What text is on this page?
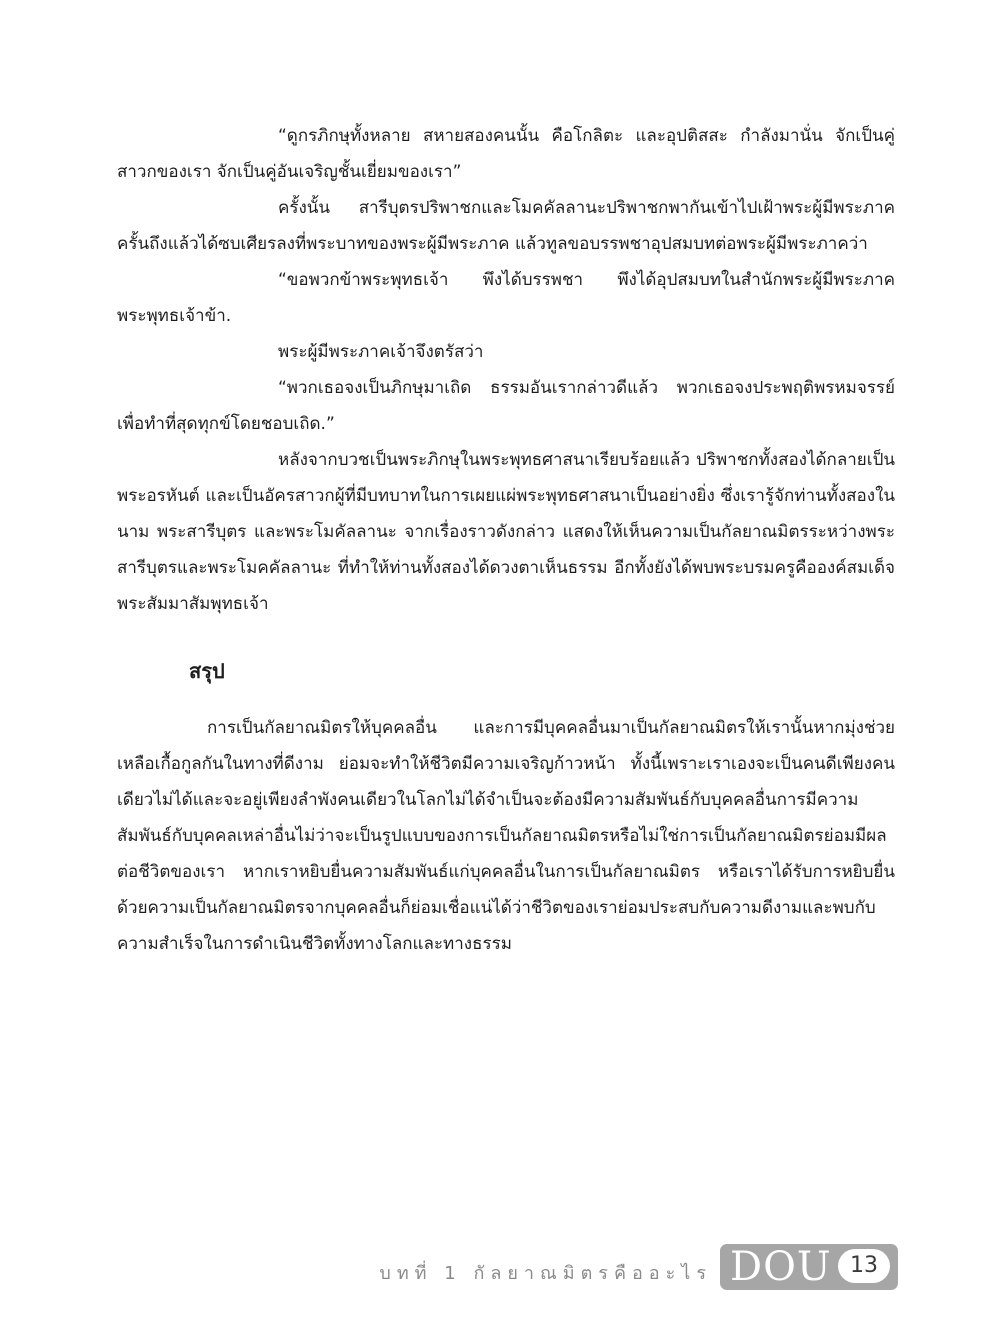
“ดูกรภิกษุทั้งหลาย สหายสองคนนั้น คือโกลิตะ และอุปติสสะ กำลังมานั่น จักเป็นคู่สาวกของเรา จักเป็นคู่อันเจริญชั้นเยี่ยมของเรา”

ครั้งนั้น สารีบุตรปริพาชกและโมคคัลลานะปริพาชกพากันเข้าไปเฝ้าพระผู้มีพระภาคครั้นถึงแล้วได้ซบเศียรลงที่พระบาทของพระผู้มีพระภาค แล้วทูลขอบรรพชาอุปสมบทต่อพระผู้มีพระภาคว่า

“ขอพวกข้าพระพุทธเจ้า พึงได้บรรพชา พึงได้อุปสมบทในสำนักพระผู้มีพระภาคพระพุทธเจ้าข้า.

พระผู้มีพระภาคเจ้าจึงตรัสว่า

“พวกเธอจงเป็นภิกษุมาเถิด ธรรมอันเรากล่าวดีแล้ว พวกเธอจงประพฤติพรหมจรรย์เพื่อทำที่สุดทุกข์โดยชอบเถิด.”

หลังจากบวชเป็นพระภิกษุในพระพุทธศาสนาเรียบร้อยแล้ว ปริพาชกทั้งสองได้กลายเป็นพระอรหันต์ และเป็นอัครสาวกผู้ที่มีบทบาทในการเผยแผ่พระพุทธศาสนาเป็นอย่างยิ่ง ซึ่งเรารู้จักท่านทั้งสองในนาม พระสารีบุตร และพระโมคัลลานะ จากเรื่องราวดังกล่าว แสดงให้เห็นความเป็นกัลยาณมิตรระหว่างพระสารีบุตรและพระโมคคัลลานะ ที่ทำให้ท่านทั้งสองได้ดวงตาเห็นธรรม อีกทั้งยังได้พบพระบรมครูคือองค์สมเด็จพระสัมมาสัมพุทธเจ้า

สรุป

การเป็นกัลยาณมิตรให้บุคคลอื่น และการมีบุคคลอื่นมาเป็นกัลยาณมิตรให้เรานั้นหากมุ่งช่วยเหลือเกื้อกูลกันในทางที่ดีงาม ย่อมจะทำให้ชีวิตมีความเจริญก้าวหน้า ทั้งนี้เพราะเราเองจะเป็นคนดีเพียงคนเดียวไม่ได้และจะอยู่เพียงลำพังคนเดียวในโลกไม่ได้จำเป็นจะต้องมีความสัมพันธ์กับบุคคลอื่นการมีความสัมพันธ์กับบุคคลเหล่าอื่นไม่ว่าจะเป็นรูปแบบของการเป็นกัลยาณมิตรหรือไม่ใช่การเป็นกัลยาณมิตรย่อมมีผลต่อชีวิตของเรา หากเราหยิบยื่นความสัมพันธ์แก่บุคคลอื่นในการเป็นกัลยาณมิตร หรือเราได้รับการหยิบยื่นด้วยความเป็นกัลยาณมิตรจากบุคคลอื่นก็ย่อมเชื่อแน่ได้ว่าชีวิตของเราย่อมประสบกับความดีงามและพบกับความสำเร็จในการดำเนินชีวิตทั้งทางโลกและทางธรรม

บทที่ 1 กัลยาณมิตรคืออะไร DOU 13
